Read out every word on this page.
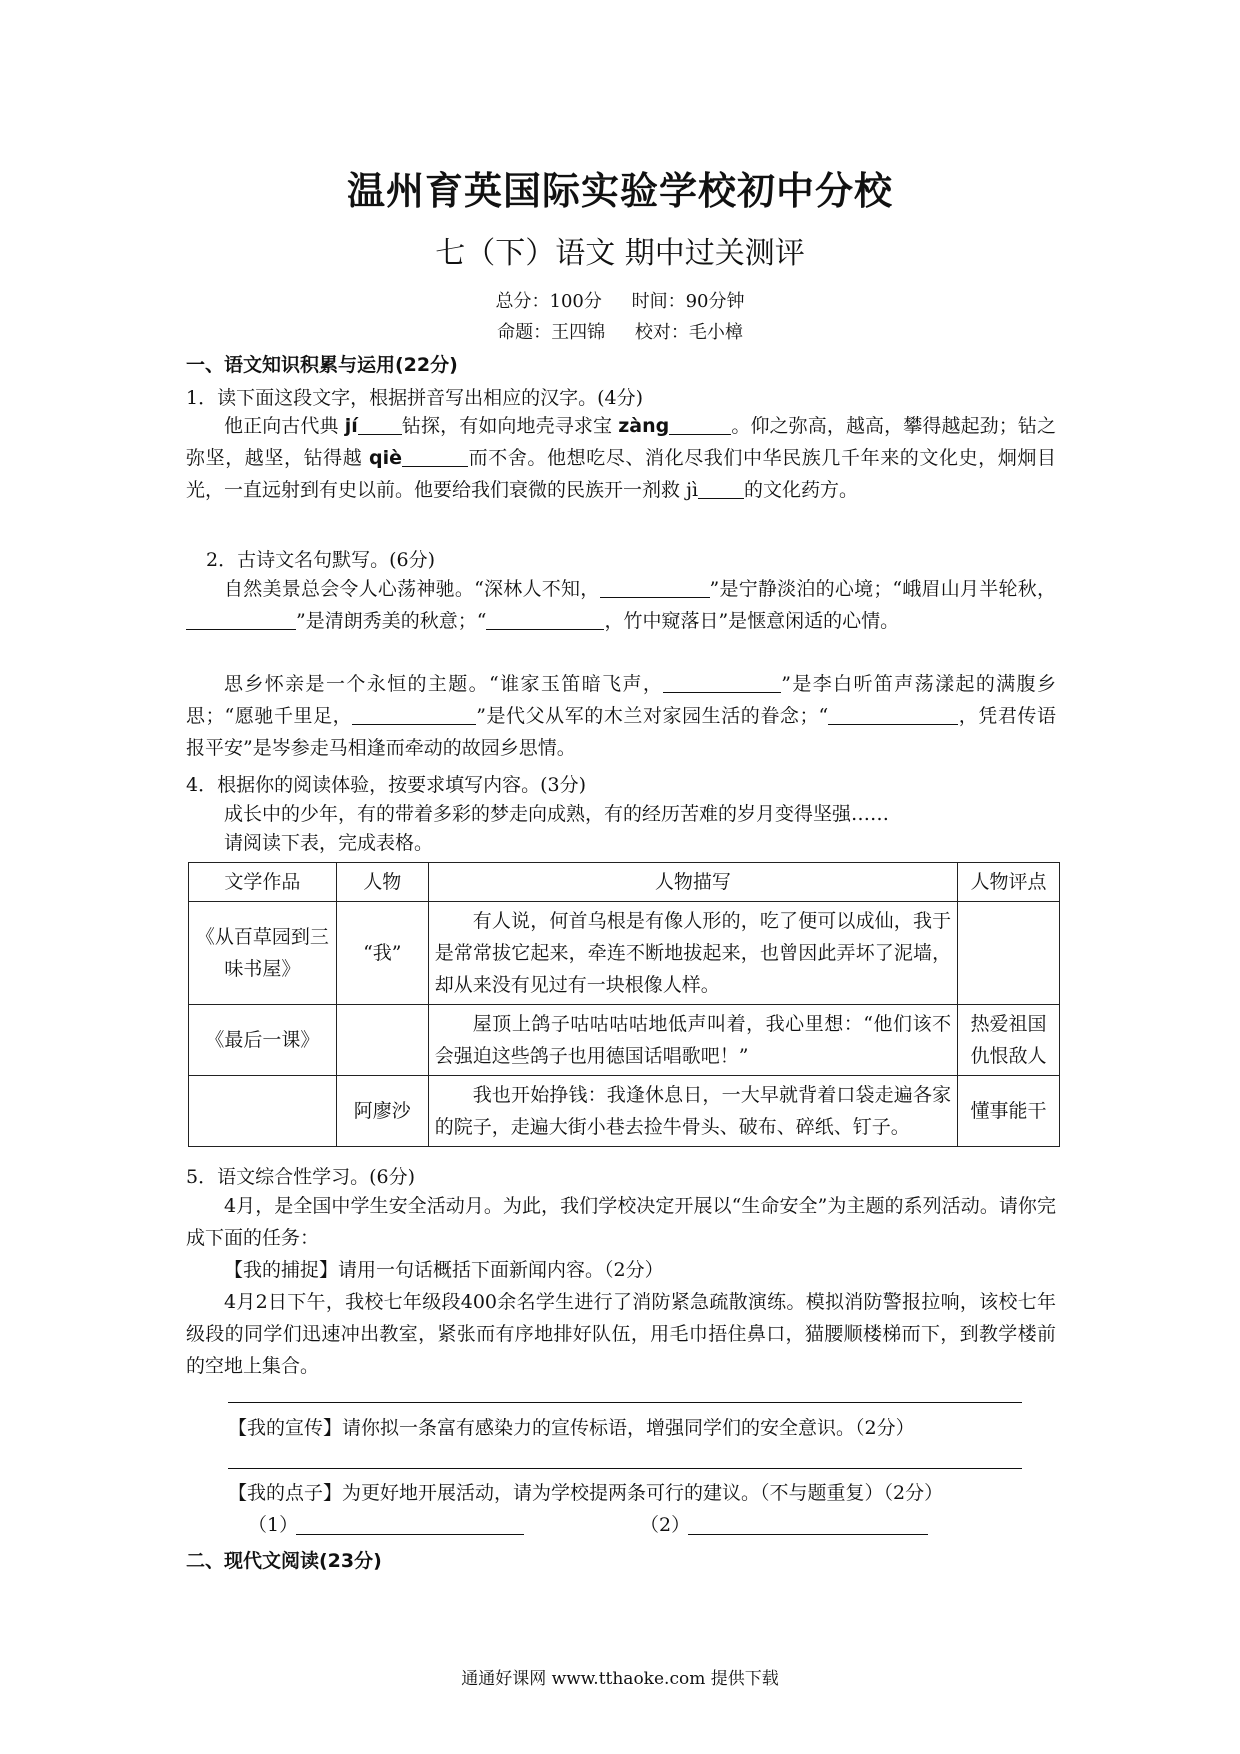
温州育英国际实验学校初中分校
七（下）语文 期中过关测评
总分：100分 时间：90分钟
命题：王四锦 校对：毛小樟
一、语文知识积累与运用(22分)
1．读下面这段文字，根据拼音写出相应的汉字。(4分)

他正向古代典 jí 钻探，有如向地壳寻求宝 zàng	。仰之弥高，越高，攀得越起劲；钻之弥坚，越坚，钻得越 qiè	而不舍。他想吃尽、消化尽我们中华民族几千年来的文化史，炯炯目光，一直远射到有史以前。他要给我们衰微的民族开一剂救 jì 的文化药方。

2．古诗文名句默写。(6分)

自然美景总会令人心荡神驰。“深林人不知，	”是宁静淡泊的心境；“峨眉山月半轮秋，”是清朗秀美的秋意；“	，竹中窥落日”是惬意闲适的心情。

思乡怀亲是一个永恒的主题。“谁家玉笛暗飞声，	”是李白听笛声荡漾起的满腹乡思；“愿驰千里足，	”是代父从军的木兰对家园生活的眷念；“	，凭君传语报平安”是岑参走马相逢而牵动的故园乡思情。

4．根据你的阅读体验，按要求填写内容。(3分)

成长中的少年，有的带着多彩的梦走向成熟，有的经历苦难的岁月变得坚强……

请阅读下表，完成表格。

文学作品	人物	人物描写	人物评点
《从百草园到三味书屋》	“我”	有人说，何首乌根是有像人形的，吃了便可以成仙，我于是常常拔它起来，牵连不断地拔起来，也曾因此弄坏了泥墙，却从来没有见过有一块根像人样。	
《最后一课》		屋顶上鸽子咕咕咕咕地低声叫着，我心里想：“他们该不会强迫这些鸽子也用德国话唱歌吧！”	热爱祖国仇恨敌人
	阿廖沙	我也开始挣钱：我逢休息日，一大早就背着口袋走遍各家的院子，走遍大街小巷去捡牛骨头、破布、碎纸、钉子。	懂事能干
5．语文综合性学习。(6分)

4月，是全国中学生安全活动月。为此，我们学校决定开展以“生命安全”为主题的系列活动。请你完成下面的任务：

【我的捕捉】请用一句话概括下面新闻内容。（2分）

4月2日下午，我校七年级段400余名学生进行了消防紧急疏散演练。模拟消防警报拉响，该校七年级段的同学们迅速冲出教室，紧张而有序地排好队伍，用毛巾捂住鼻口，猫腰顺楼梯而下，到教学楼前的空地上集合。

【我的宣传】请你拟一条富有感染力的宣传标语，增强同学们的安全意识。（2分）
【我的点子】为更好地开展活动，请为学校提两条可行的建议。（不与题重复）（2分）
（1）	（2）
二、现代文阅读(23分)
通通好课网 www.tthaoke.com 提供下载
